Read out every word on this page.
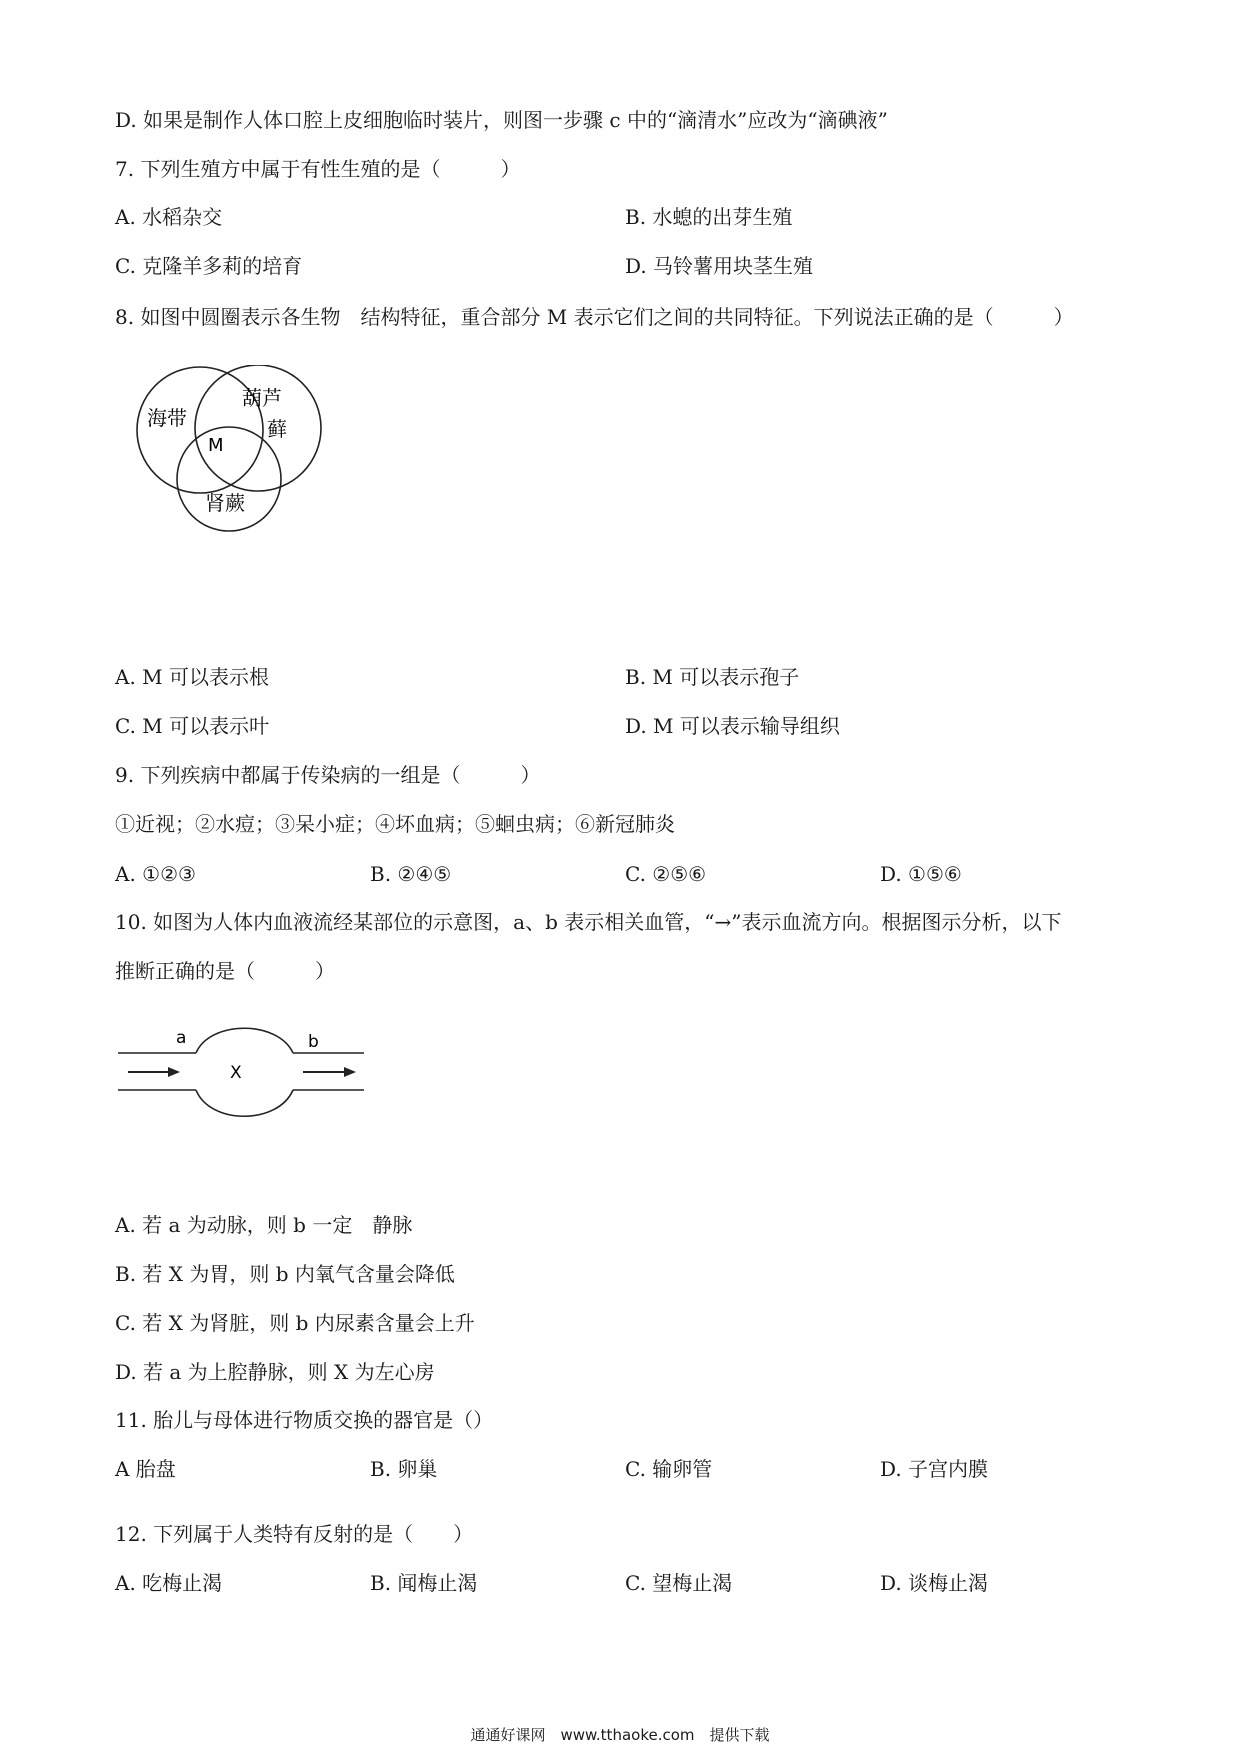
D. 如果是制作人体口腔上皮细胞临时装片，则图一步骤 c 中的“滴清水”应改为“滴碘液”
7. 下列生殖方中属于有性生殖的是（　　　）
A. 水稻杂交	B. 水螅的出芽生殖
C. 克隆羊多莉的培育	D. 马铃薯用块茎生殖
8. 如图中圆圈表示各生物　结构特征，重合部分 M 表示它们之间的共同特征。下列说法正确的是（　　　）
海带
葫芦
藓
肾蕨
M
A. M 可以表示根	B. M 可以表示孢子
C. M 可以表示叶	D. M 可以表示输导组织
9. 下列疾病中都属于传染病的一组是（　　　）
①近视；②水痘；③呆小症；④坏血病；⑤蛔虫病；⑥新冠肺炎
A. ①②③	B. ②④⑤	C. ②⑤⑥	D. ①⑤⑥
10. 如图为人体内血液流经某部位的示意图，a、b 表示相关血管，“→”表示血流方向。根据图示分析，以下
推断正确的是（　　　）
a	b
X
A. 若 a 为动脉，则 b 一定　静脉
B. 若 X 为胃，则 b 内氧气含量会降低
C. 若 X 为肾脏，则 b 内尿素含量会上升
D. 若 a 为上腔静脉，则 X 为左心房
11. 胎儿与母体进行物质交换的器官是（）
A 胎盘	B. 卵巢	C. 输卵管	D. 子宫内膜
12. 下列属于人类特有反射的是（　　）
A. 吃梅止渴	B. 闻梅止渴	C. 望梅止渴	D. 谈梅止渴
通通好课网　www.tthaoke.com　提供下载
